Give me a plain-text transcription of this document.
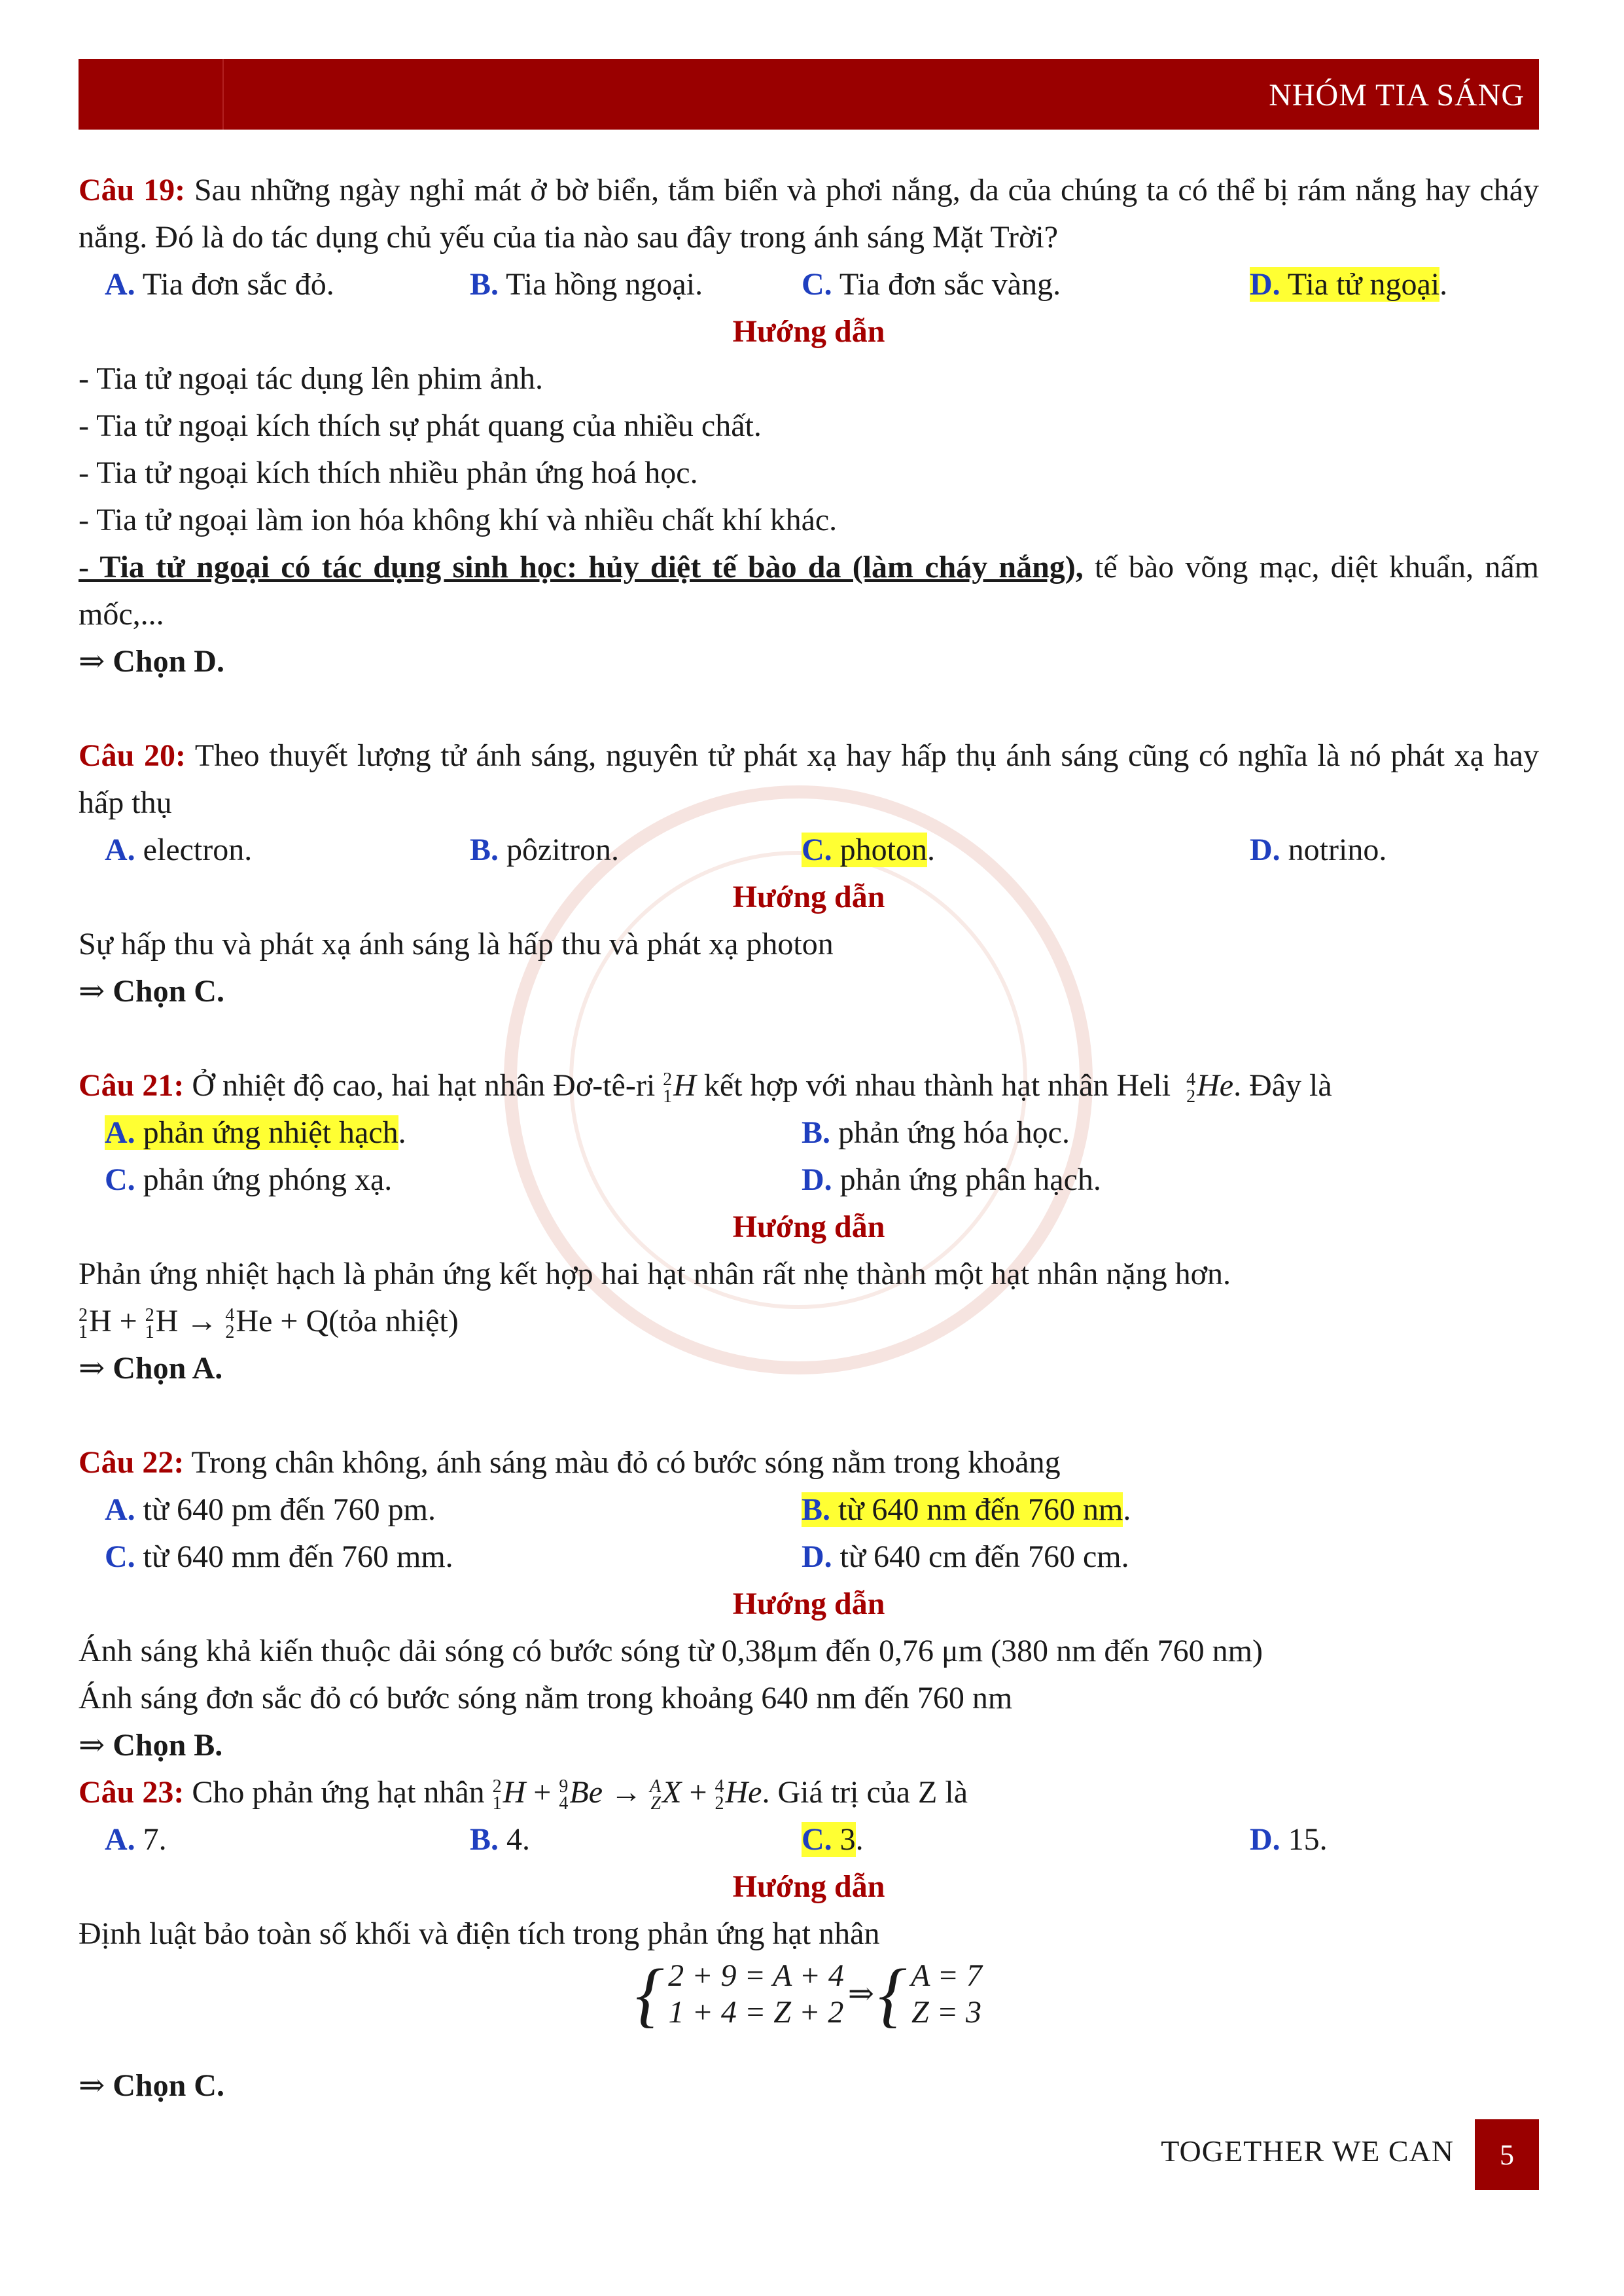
NHÓM TIA SÁNG

Câu 19: Sau những ngày nghỉ mát ở bờ biển, tắm biển và phơi nắng, da của chúng ta có thể bị rám nắng hay cháy nắng. Đó là do tác dụng chủ yếu của tia nào sau đây trong ánh sáng Mặt Trời?

A. Tia đơn sắc đỏ.	B. Tia hồng ngoại.	C. Tia đơn sắc vàng.	D. Tia tử ngoại.
Hướng dẫn

- Tia tử ngoại tác dụng lên phim ảnh.

- Tia tử ngoại kích thích sự phát quang của nhiều chất.

- Tia tử ngoại kích thích nhiều phản ứng hoá học.

- Tia tử ngoại làm ion hóa không khí và nhiều chất khí khác.

- Tia tử ngoại có tác dụng sinh học: hủy diệt tế bào da (làm cháy nắng), tế bào võng mạc, diệt khuẩn, nấm mốc,...

⇒ Chọn D.

Câu 20: Theo thuyết lượng tử ánh sáng, nguyên tử phát xạ hay hấp thụ ánh sáng cũng có nghĩa là nó phát xạ hay hấp thụ

A. electron.	B. pôzitron.	C. photon.	D. notrino.
Hướng dẫn

Sự hấp thu và phát xạ ánh sáng là hấp thu và phát xạ photon

⇒ Chọn C.

Câu 21: Ở nhiệt độ cao, hai hạt nhân Đơ-tê-ri 2
1 H kết hợp với nhau thành hạt nhân Heli 4
2 He. Đây là

A. phản ứng nhiệt hạch.	B. phản ứng hóa học.
C. phản ứng phóng xạ.	D. phản ứng phân hạch.
Hướng dẫn

Phản ứng nhiệt hạch là phản ứng kết hợp hai hạt nhân rất nhẹ thành một hạt nhân nặng hơn.

2
1 H + 2
1 H → 4
2 He + Q(tỏa nhiệt)

⇒ Chọn A.

Câu 22: Trong chân không, ánh sáng màu đỏ có bước sóng nằm trong khoảng

A. từ 640 pm đến 760 pm.	B. từ 640 nm đến 760 nm.
C. từ 640 mm đến 760 mm.	D. từ 640 cm đến 760 cm.
Hướng dẫn

Ánh sáng khả kiến thuộc dải sóng có bước sóng từ 0,38μm đến 0,76 μm (380 nm đến 760 nm)

Ánh sáng đơn sắc đỏ có bước sóng nằm trong khoảng 640 nm đến 760 nm

⇒ Chọn B.

Câu 23: Cho phản ứng hạt nhân 2
1 H + 9
4 Be → A
Z X + 4
2 He. Giá trị của Z là

A. 7.	B. 4.	C. 3.	D. 15.
Hướng dẫn

Định luật bảo toàn số khối và điện tích trong phản ứng hạt nhân

{ 2 + 9 = A + 4
1 + 4 = Z + 2
⇒ { A = 7
Z = 3

⇒ Chọn C.

TOGETHER WE CAN	5
